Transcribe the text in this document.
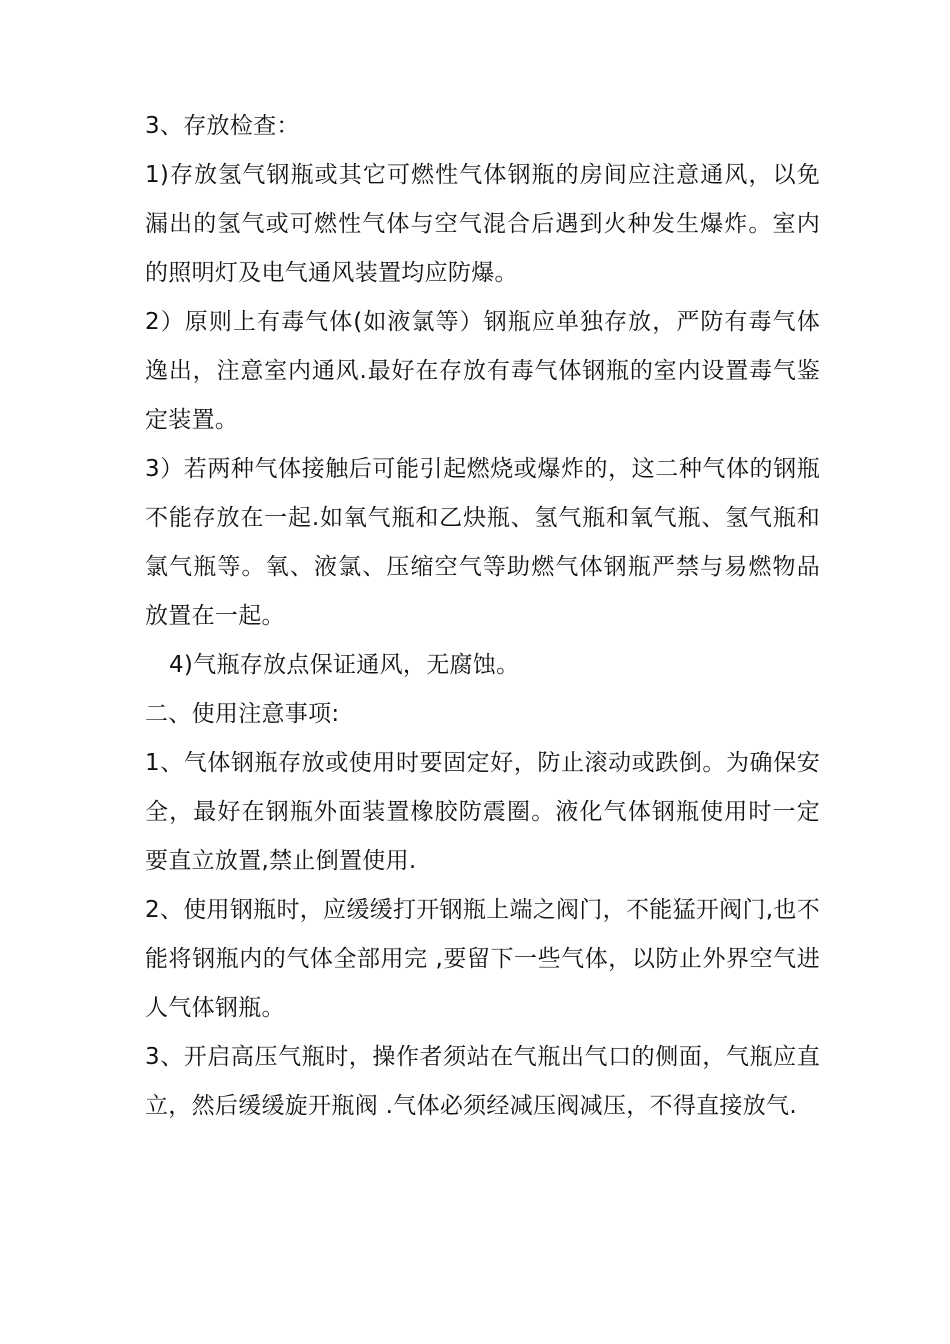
3、存放检查：

1)存放氢气钢瓶或其它可燃性气体钢瓶的房间应注意通风，以免漏出的氢气或可燃性气体与空气混合后遇到火种发生爆炸。室内的照明灯及电气通风装置均应防爆。

2）原则上有毒气体(如液氯等）钢瓶应单独存放，严防有毒气体逸出，注意室内通风.最好在存放有毒气体钢瓶的室内设置毒气鉴定装置。

3）若两种气体接触后可能引起燃烧或爆炸的，这二种气体的钢瓶不能存放在一起.如氧气瓶和乙炔瓶、氢气瓶和氧气瓶、氢气瓶和氯气瓶等。氧、液氯、压缩空气等助燃气体钢瓶严禁与易燃物品放置在一起。

4)气瓶存放点保证通风，无腐蚀。

二、使用注意事项:

1、气体钢瓶存放或使用时要固定好，防止滚动或跌倒。为确保安全，最好在钢瓶外面装置橡胶防震圈。液化气体钢瓶使用时一定要直立放置,禁止倒置使用.

2、使用钢瓶时，应缓缓打开钢瓶上端之阀门，不能猛开阀门,也不能将钢瓶内的气体全部用完 ,要留下一些气体，以防止外界空气进人气体钢瓶。

3、开启高压气瓶时，操作者须站在气瓶出气口的侧面，气瓶应直立，然后缓缓旋开瓶阀 .气体必须经减压阀减压，不得直接放气.
